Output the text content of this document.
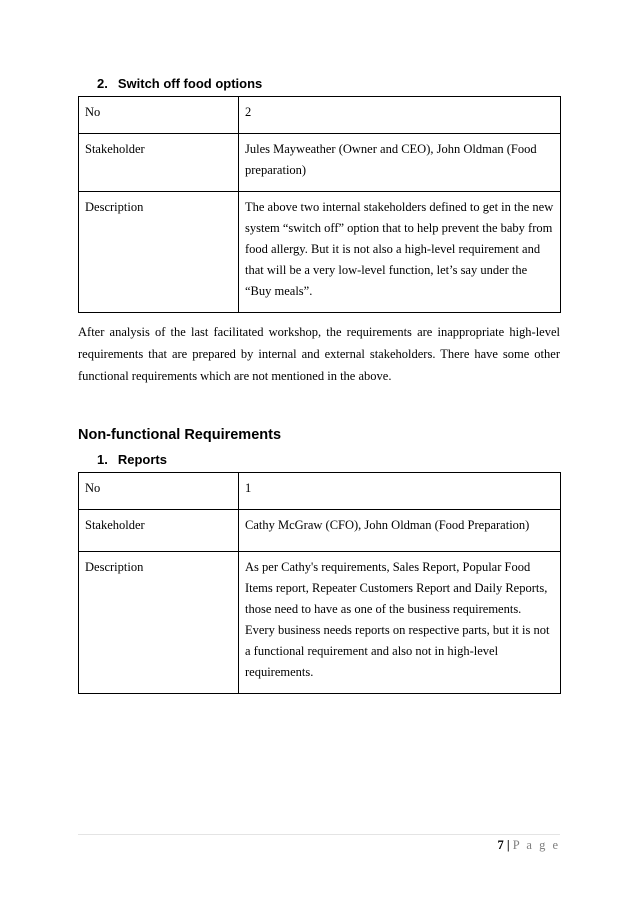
2. Switch off food options
No	2
Stakeholder	Jules Mayweather (Owner and CEO), John Oldman (Food preparation)
Description	The above two internal stakeholders defined to get in the new system “switch off” option that to help prevent the baby from food allergy. But it is not also a high-level requirement and that will be a very low-level function, let’s say under the “Buy meals”.
After analysis of the last facilitated workshop, the requirements are inappropriate high-level requirements that are prepared by internal and external stakeholders. There have some other functional requirements which are not mentioned in the above.
Non-functional Requirements
1. Reports
No	1
Stakeholder	Cathy McGraw (CFO), John Oldman (Food Preparation)
Description	As per Cathy's requirements, Sales Report, Popular Food Items report, Repeater Customers Report and Daily Reports, those need to have as one of the business requirements. Every business needs reports on respective parts, but it is not a functional requirement and also not in high-level requirements.
7 | P a g e
